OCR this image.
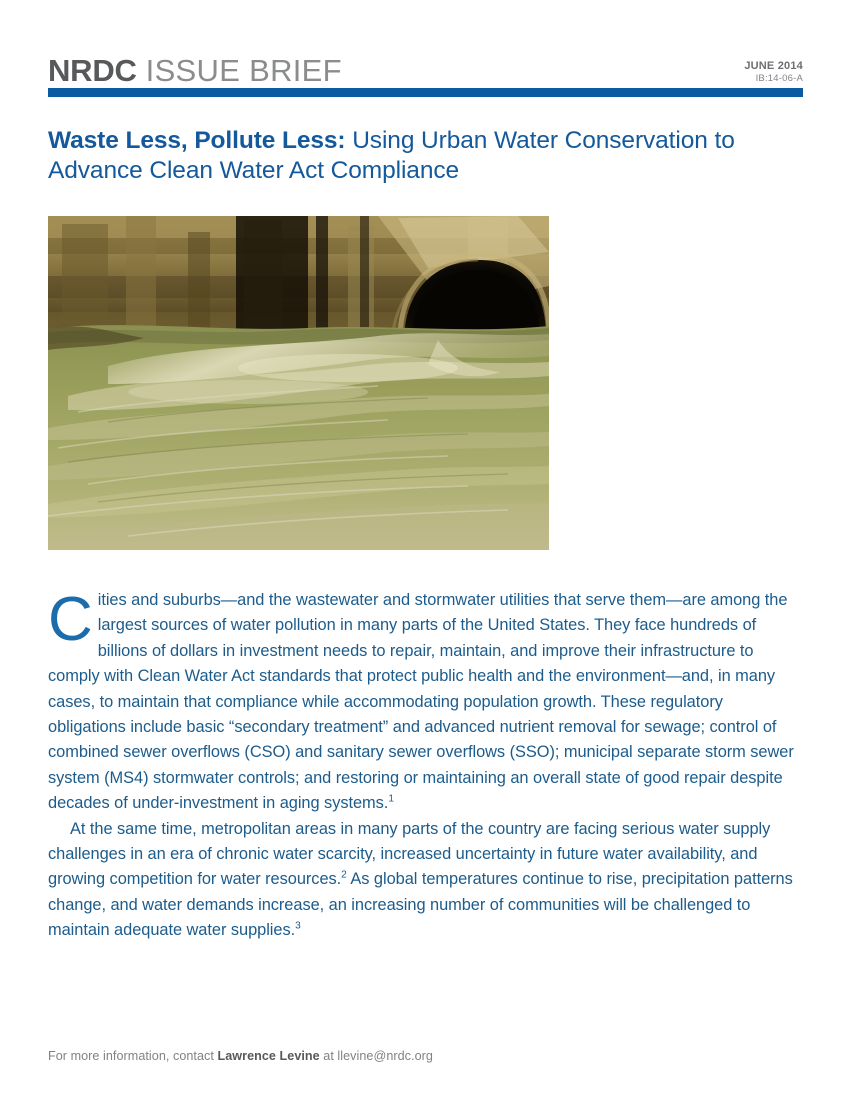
NRDC ISSUE BRIEF	JUNE 2014
IB:14-06-A
Waste Less, Pollute Less: Using Urban Water Conservation to Advance Clean Water Act Compliance

Cities and suburbs—and the wastewater and stormwater utilities that serve them—are among the largest sources of water pollution in many parts of the United States. They face hundreds of billions of dollars in investment needs to repair, maintain, and improve their infrastructure to comply with Clean Water Act standards that protect public health and the environment—and, in many cases, to maintain that compliance while accommodating population growth. These regulatory obligations include basic “secondary treatment” and advanced nutrient removal for sewage; control of combined sewer overflows (CSO) and sanitary sewer overflows (SSO); municipal separate storm sewer system (MS4) stormwater controls; and restoring or maintaining an overall state of good repair despite decades of under-investment in aging systems.$^1$

At the same time, metropolitan areas in many parts of the country are facing serious water supply challenges in an era of chronic water scarcity, increased uncertainty in future water availability, and growing competition for water resources.$^2$ As global temperatures continue to rise, precipitation patterns change, and water demands increase, an increasing number of communities will be challenged to maintain adequate water supplies.$^3$

For more information, contact Lawrence Levine at llevine@nrdc.org
